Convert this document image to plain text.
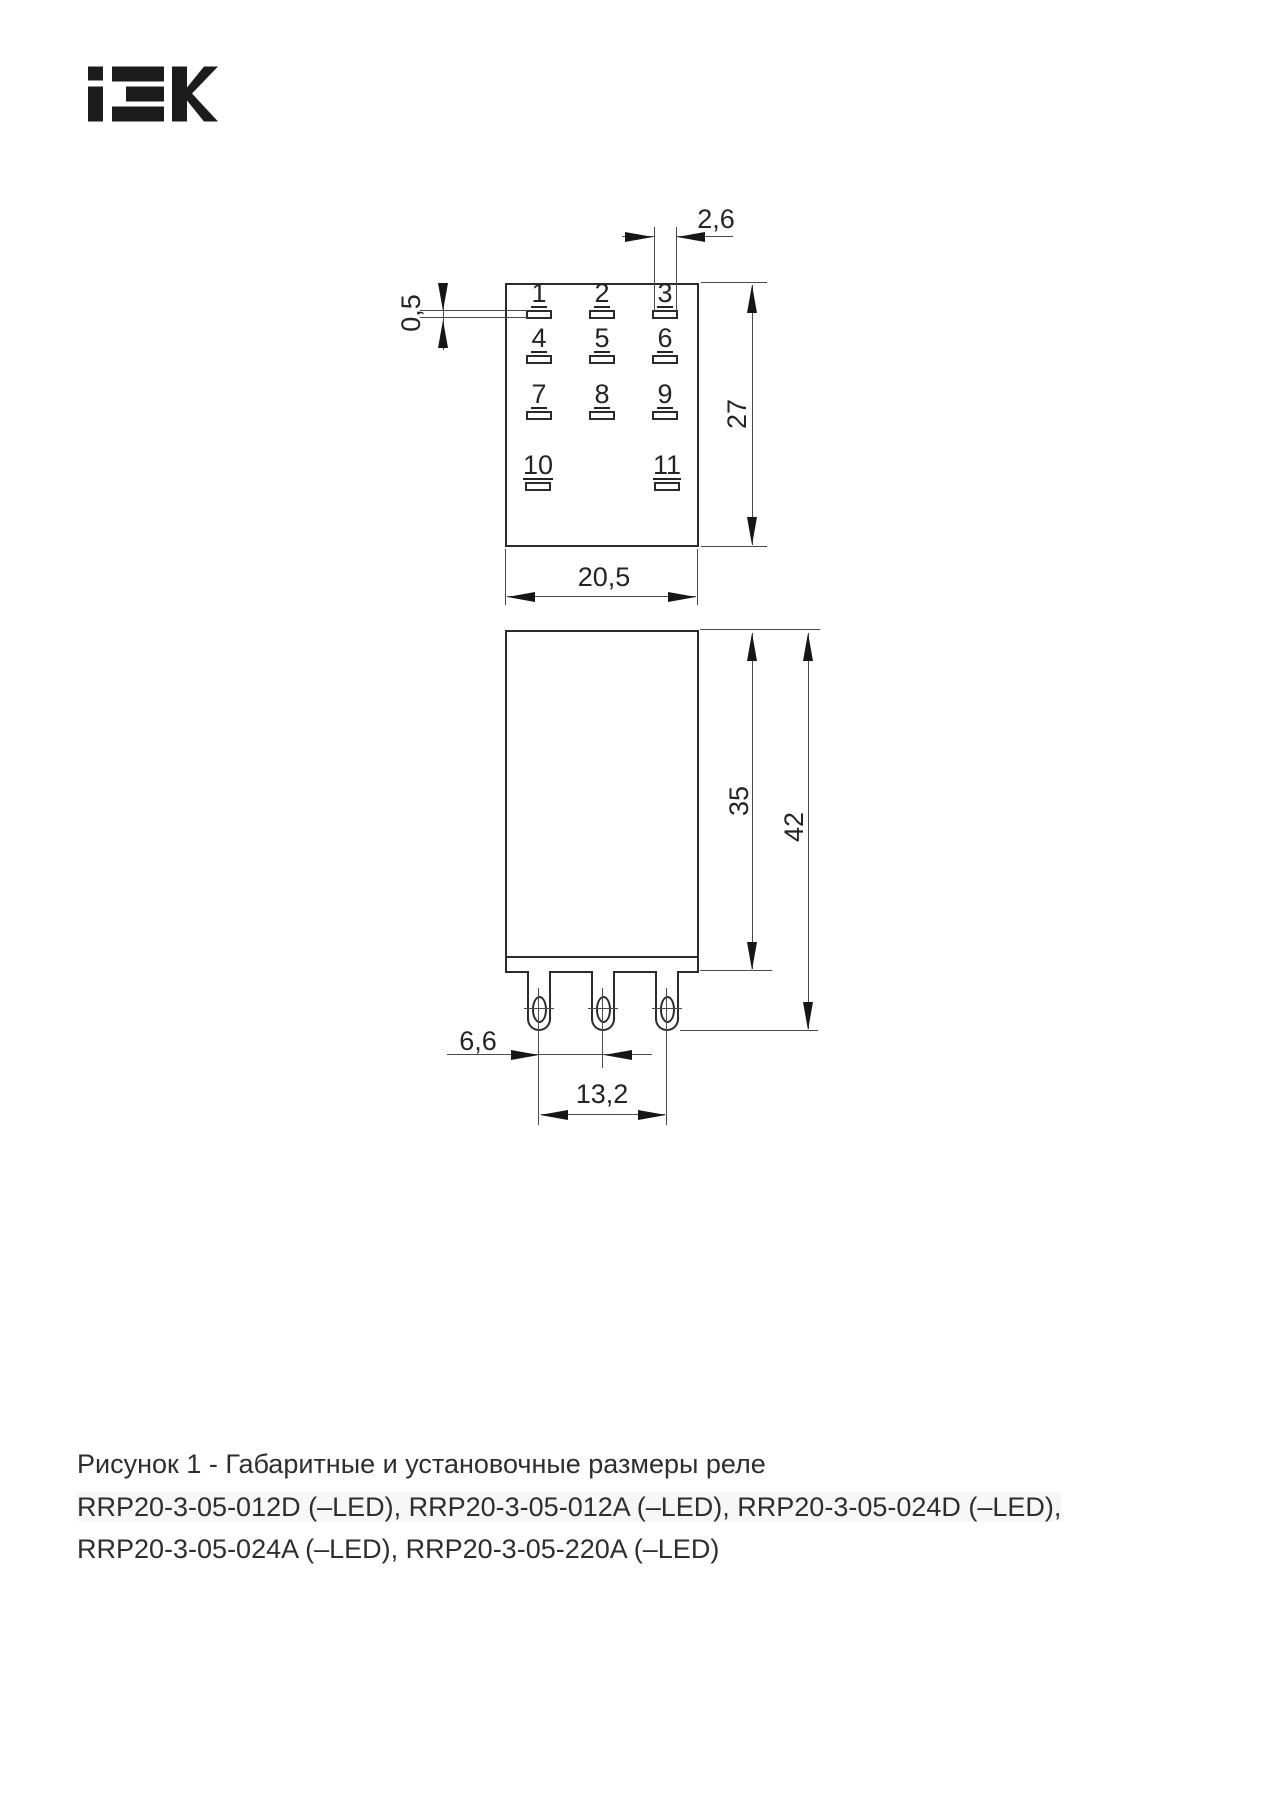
1 2 3
4 5 6
7 8 9
10	11
0,5
2,6
27
20,5
35
42
6,6
13,2
Рисунок 1 - Габаритные и установочные размеры реле
RRP20-3-05-012D (–LED), RRP20-3-05-012A (–LED), RRP20-3-05-024D (–LED),
RRP20-3-05-024A (–LED), RRP20-3-05-220A (–LED)
